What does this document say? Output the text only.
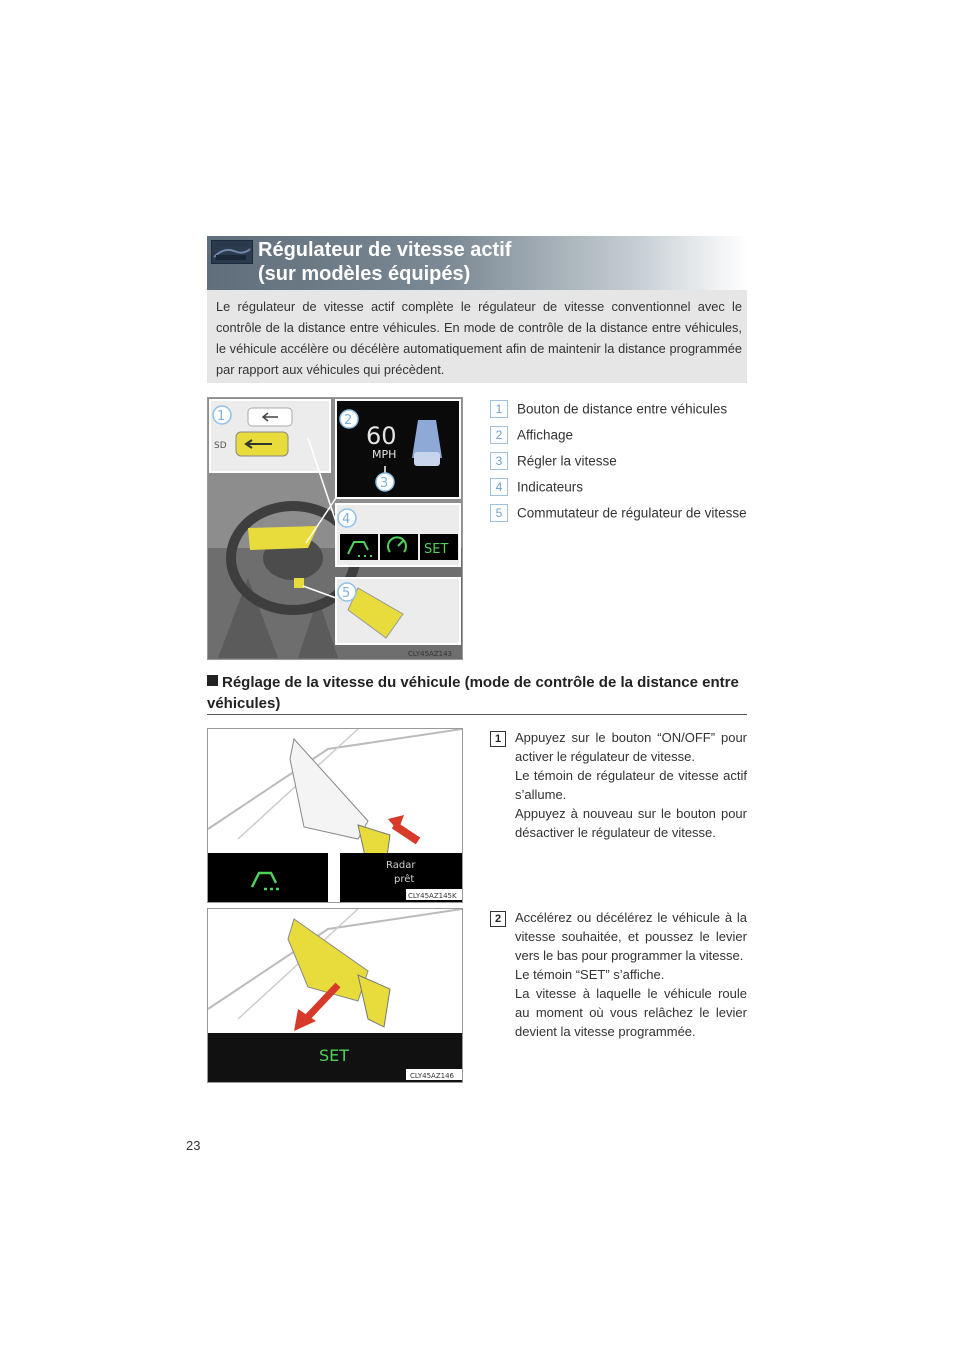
Régulateur de vitesse actif
(sur modèles équipés)
Le régulateur de vitesse actif complète le régulateur de vitesse conventionnel avec le contrôle de la distance entre véhicules. En mode de contrôle de la distance entre véhicules, le véhicule accélère ou décélère automatiquement afin de maintenir la distance programmée par rapport aux véhicules qui précèdent.
SD	60
MPH
SET
CLY45AZ143
1	2
3
4
5
1 Bouton de distance entre véhicules
2 Affichage
3 Régler la vitesse
4 Indicateurs
5 Commutateur de régulateur de vitesse
Réglage de la vitesse du véhicule (mode de contrôle de la distance entre véhicules)
Radar
prêt
CLY45AZ145K
1	Appuyez sur le bouton “ON/OFF” pour activer le régulateur de vitesse.

Le témoin de régulateur de vitesse actif s’allume.

Appuyez à nouveau sur le bouton pour désactiver le régulateur de vitesse.

SET
CLY45AZ146
2	Accélérez ou décélérez le véhicule à la vitesse souhaitée, et poussez le levier vers le bas pour programmer la vitesse.

Le témoin “SET” s’affiche.

La vitesse à laquelle le véhicule roule au moment où vous relâchez le levier devient la vitesse programmée.

23
